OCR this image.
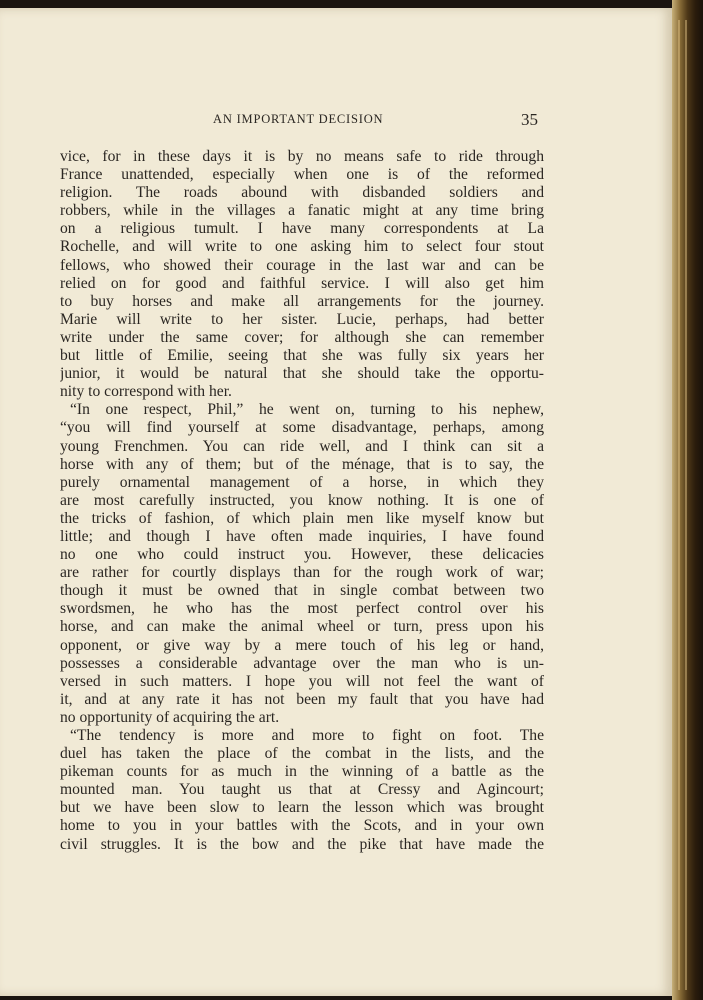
AN IMPORTANT DECISION	35
vice, for in these days it is by no means safe to ride through
France unattended, especially when one is of the reformed
religion. The roads abound with disbanded soldiers and
robbers, while in the villages a fanatic might at any time bring
on a religious tumult. I have many correspondents at La
Rochelle, and will write to one asking him to select four stout
fellows, who showed their courage in the last war and can be
relied on for good and faithful service. I will also get him
to buy horses and make all arrangements for the journey.
Marie will write to her sister. Lucie, perhaps, had better
write under the same cover; for although she can remember
but little of Emilie, seeing that she was fully six years her
junior, it would be natural that she should take the opportu-
nity to correspond with her.
“In one respect, Phil,” he went on, turning to his nephew,
“you will find yourself at some disadvantage, perhaps, among
young Frenchmen. You can ride well, and I think can sit a
horse with any of them; but of the ménage, that is to say, the
purely ornamental management of a horse, in which they
are most carefully instructed, you know nothing. It is one of
the tricks of fashion, of which plain men like myself know but
little; and though I have often made inquiries, I have found
no one who could instruct you. However, these delicacies
are rather for courtly displays than for the rough work of war;
though it must be owned that in single combat between two
swordsmen, he who has the most perfect control over his
horse, and can make the animal wheel or turn, press upon his
opponent, or give way by a mere touch of his leg or hand,
possesses a considerable advantage over the man who is un-
versed in such matters. I hope you will not feel the want of
it, and at any rate it has not been my fault that you have had
no opportunity of acquiring the art.
“The tendency is more and more to fight on foot. The
duel has taken the place of the combat in the lists, and the
pikeman counts for as much in the winning of a battle as the
mounted man. You taught us that at Cressy and Agincourt;
but we have been slow to learn the lesson which was brought
home to you in your battles with the Scots, and in your own
civil struggles. It is the bow and the pike that have made the
